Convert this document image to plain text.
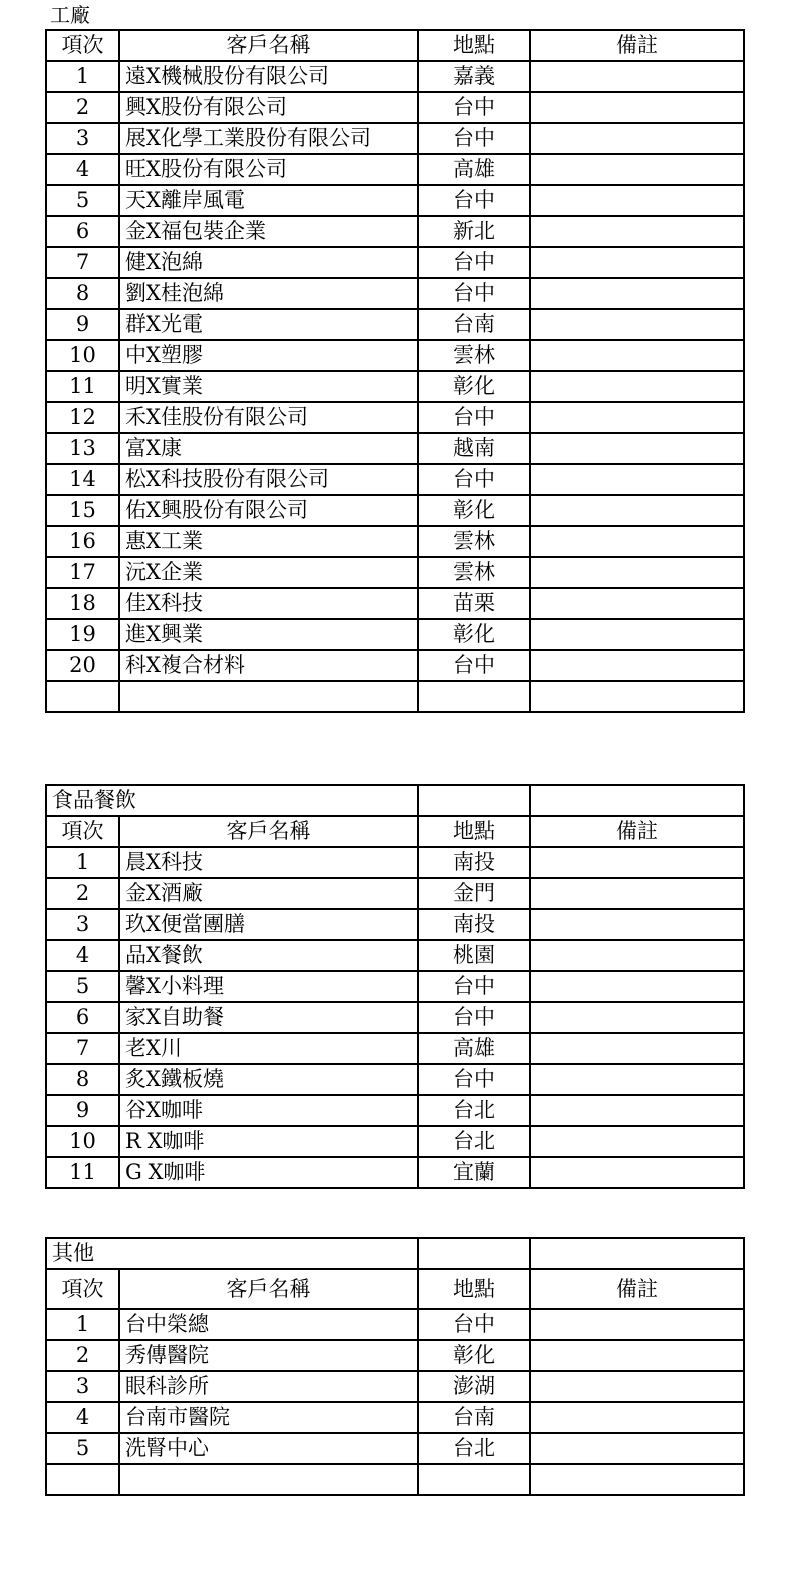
工廠
項次	客戶名稱	地點	備註
1	遠X機械股份有限公司	嘉義	
2	興X股份有限公司	台中	
3	展X化學工業股份有限公司	台中	
4	旺X股份有限公司	高雄	
5	天X離岸風電	台中	
6	金X福包裝企業	新北	
7	健X泡綿	台中	
8	劉X桂泡綿	台中	
9	群X光電	台南	
10	中X塑膠	雲林	
11	明X實業	彰化	
12	禾X佳股份有限公司	台中	
13	富X康	越南	
14	松X科技股份有限公司	台中	
15	佑X興股份有限公司	彰化	
16	惠X工業	雲林	
17	沅X企業	雲林	
18	佳X科技	苗栗	
19	進X興業	彰化	
20	科X複合材料	台中	

食品餐飲			
項次	客戶名稱	地點	備註
1	晨X科技	南投	
2	金X酒廠	金門	
3	玖X便當團膳	南投	
4	品X餐飲	桃園	
5	馨X小料理	台中	
6	家X自助餐	台中	
7	老X川	高雄	
8	炙X鐵板燒	台中	
9	谷X咖啡	台北	
10	R X咖啡	台北	
11	G X咖啡	宜蘭	
其他			
項次	客戶名稱	地點	備註
1	台中榮總	台中	
2	秀傳醫院	彰化	
3	眼科診所	澎湖	
4	台南市醫院	台南	
5	洗腎中心	台北	
